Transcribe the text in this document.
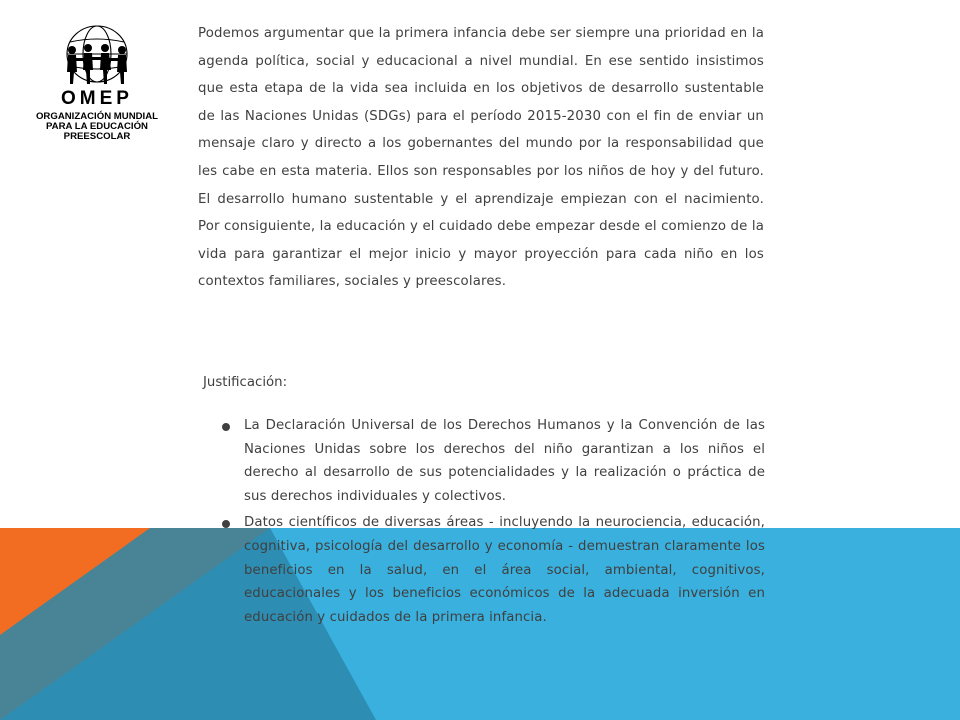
OMEP
ORGANIZACIÓN MUNDIAL
PARA LA EDUCACIÓN
PREESCOLAR

Podemos argumentar que la primera infancia debe ser siempre una prioridad en la agenda política, social y educacional a nivel mundial. En ese sentido insistimos que esta etapa de la vida sea incluida en los objetivos de desarrollo sustentable de las Naciones Unidas (SDGs) para el período 2015-2030 con el fin de enviar un mensaje claro y directo a los gobernantes del mundo por la responsabilidad que les cabe en esta materia. Ellos son responsables por los niños de hoy y del futuro. El desarrollo humano sustentable y el aprendizaje empiezan con el nacimiento. Por consiguiente, la educación y el cuidado debe empezar desde el comienzo de la vida para garantizar el mejor inicio y mayor proyección para cada niño en los contextos familiares, sociales y preescolares.

Justificación:

La Declaración Universal de los Derechos Humanos y la Convención de las Naciones Unidas sobre los derechos del niño garantizan a los niños el derecho al desarrollo de sus potencialidades y la realización o práctica de sus derechos individuales y colectivos.
Datos científicos de diversas áreas - incluyendo la neurociencia, educación, cognitiva, psicología del desarrollo y economía - demuestran claramente los beneficios en la salud, en el área social, ambiental, cognitivos, educacionales y los beneficios económicos de la adecuada inversión en educación y cuidados de la primera infancia.
